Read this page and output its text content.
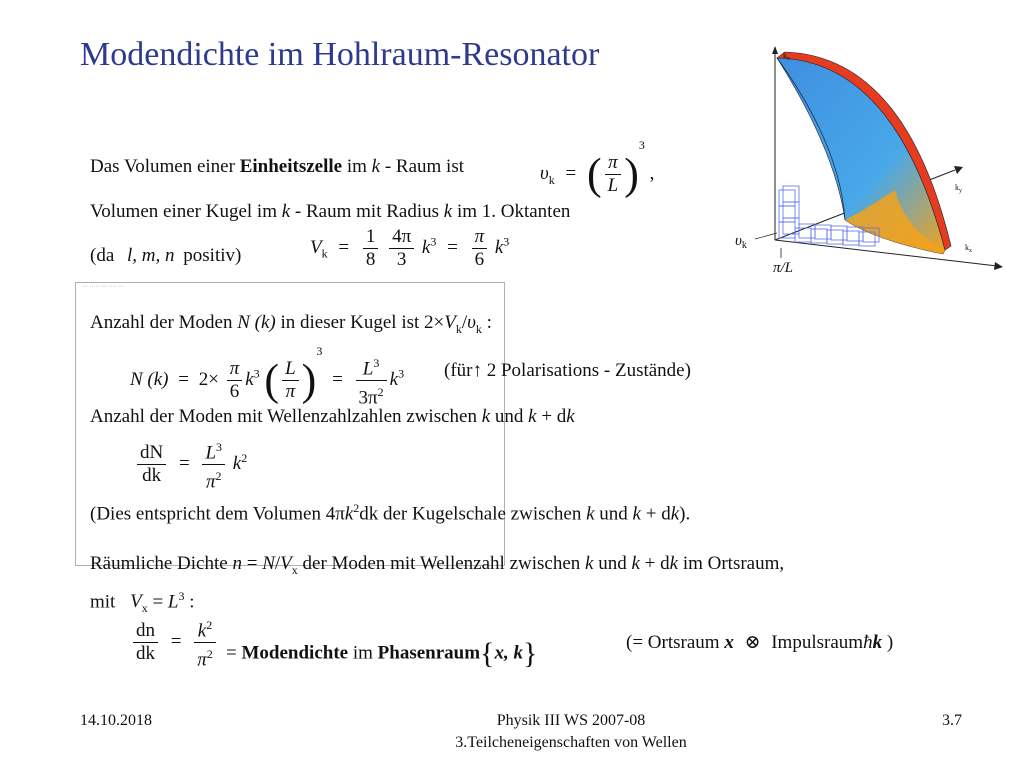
Modendichte im Hohlraum-Resonator
Das Volumen einer Einheitszelle im k - Raum ist	$\upsilon_k$ = ( $\frac{\pi}{L} )^3$ ,
Volumen einer Kugel im k - Raum mit Radius k im 1. Oktanten
(da l, m, n positiv)	$V_k = \frac{1}{8}$
$\frac{4\pi}{3} k^3 = \frac{\pi}{6} k^3$
··· ····· ··· ···· ···
Anzahl der Moden N (k) in dieser Kugel ist $2\times V_k/\upsilon_k$ :
N $(k) = 2\times \frac{\pi}{6} k^3$ ( $\frac{L}{\pi} )^3 = \frac{L^3}{3\pi^2} k^3$ (für↑ 2 Polarisations - Zustände)
Anzahl der Moden mit Wellenzahlzahlen zwischen k und k + dk
$\frac{dN}{dk} = \frac{L^3}{\pi^2} k^2$
(Dies entspricht dem Volumen $4\pi k^2dk$ der Kugelschale zwischen k und k + dk).
Räumliche Dichte $n = N/V_x$ der Moden mit Wellenzahl zwischen k und k + dk im Ortsraum,
mit $V_x = L^3$ :
$\frac{dn}{dk} = \frac{k^2}{\pi^2}$ = Modendichte im Phasenraum{x, k}	(= Ortsraum x ⊗ Impulsraumħk )
$k_z$
$k_y$
$k_x$
$\upsilon_k$
π/L
14.10.2018	Physik III WS 2007-08
3.Teilcheneigenschaften von Wellen
3.7
